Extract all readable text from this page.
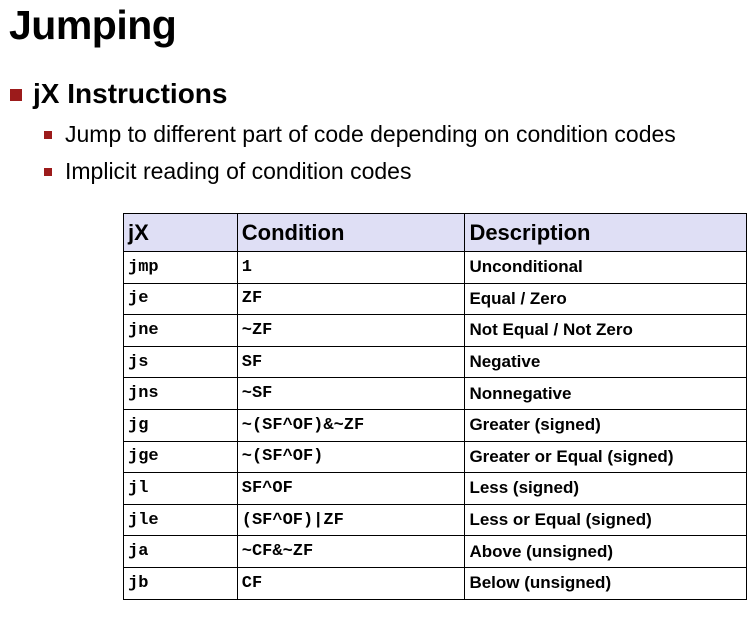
Jumping
jX Instructions
Jump to different part of code depending on condition codes
Implicit reading of condition codes
jX	Condition	Description
jmp	1	Unconditional
je	ZF	Equal / Zero
jne	~ZF	Not Equal / Not Zero
js	SF	Negative
jns	~SF	Nonnegative
jg	~(SF^OF)&~ZF	Greater (signed)
jge	~(SF^OF)	Greater or Equal (signed)
jl	SF^OF	Less (signed)
jle	(SF^OF)|ZF	Less or Equal (signed)
ja	~CF&~ZF	Above (unsigned)
jb	CF	Below (unsigned)
